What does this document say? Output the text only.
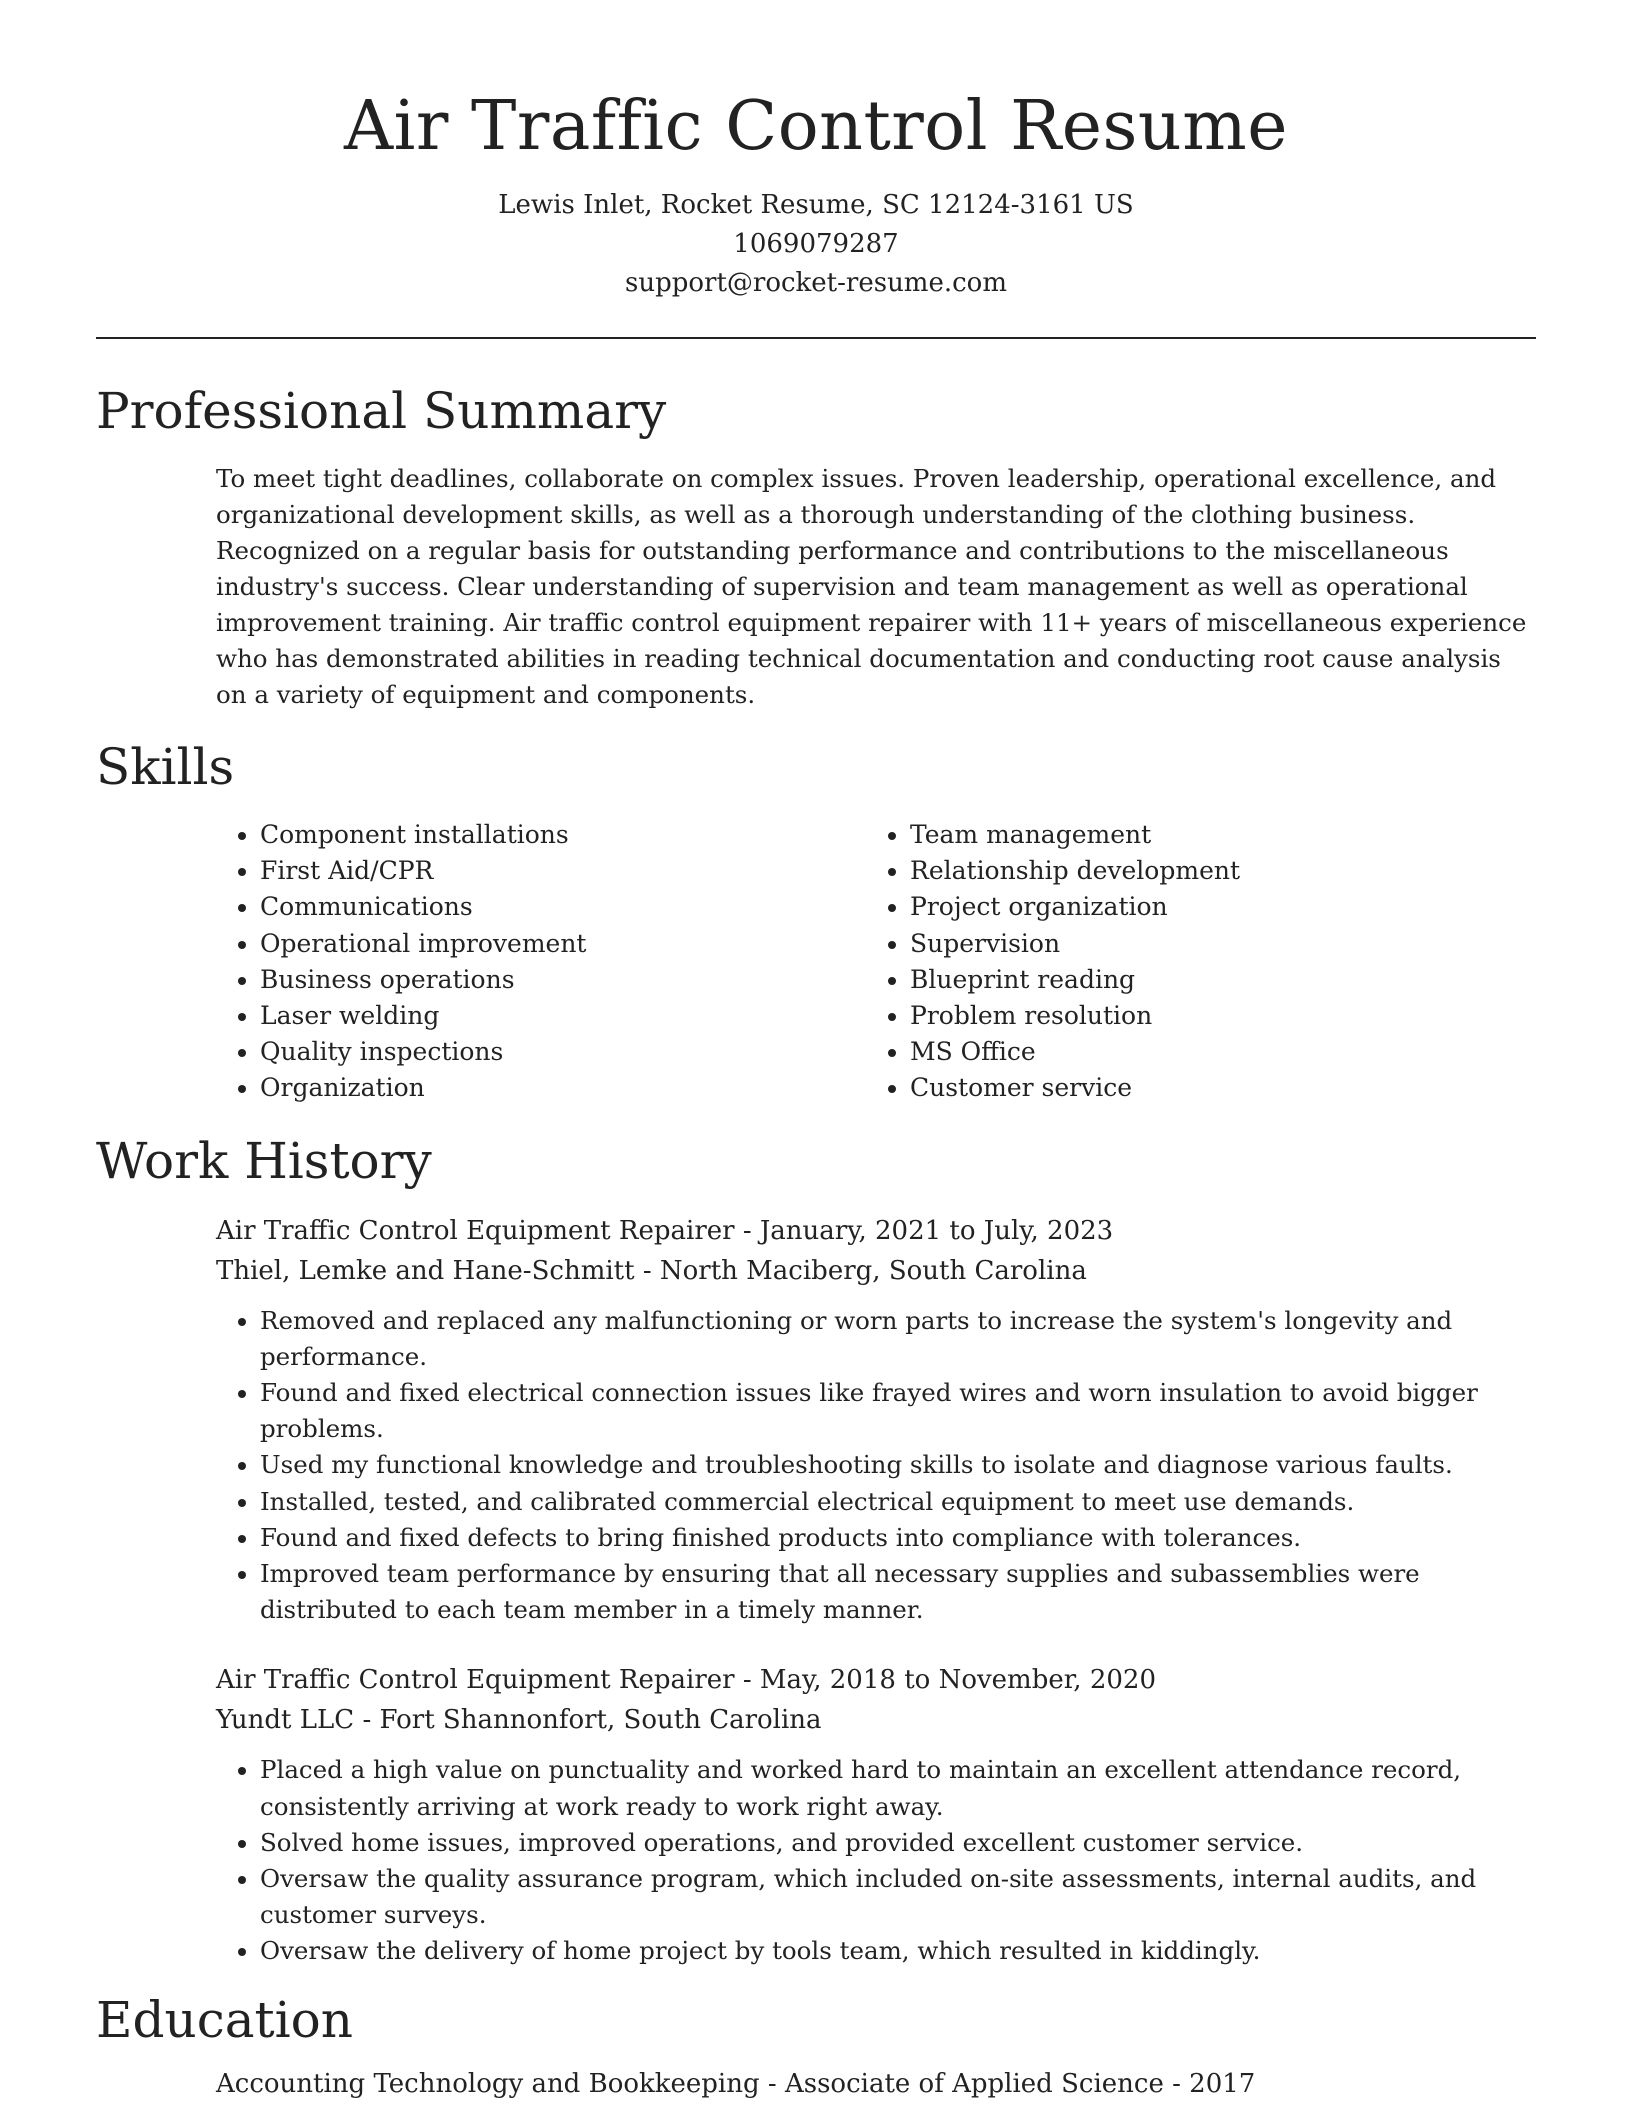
Air Traffic Control Resume

Lewis Inlet, Rocket Resume, SC 12124-3161 US

1069079287

support@rocket-resume.com

Professional Summary

To meet tight deadlines, collaborate on complex issues. Proven leadership, operational excellence, and organizational development skills, as well as a thorough understanding of the clothing business. Recognized on a regular basis for outstanding performance and contributions to the miscellaneous industry's success. Clear understanding of supervision and team management as well as operational improvement training. Air traffic control equipment repairer with 11+ years of miscellaneous experience who has demonstrated abilities in reading technical documentation and conducting root cause analysis on a variety of equipment and components.

Skills
• Component installations
• First Aid/CPR
• Communications
• Operational improvement
• Business operations
• Laser welding
• Quality inspections
• Organization
• Team management
• Relationship development
• Project organization
• Supervision
• Blueprint reading
• Problem resolution
• MS Office
• Customer service
Work History

Air Traffic Control Equipment Repairer - January, 2021 to July, 2023

Thiel, Lemke and Hane-Schmitt - North Maciberg, South Carolina

• Removed and replaced any malfunctioning or worn parts to increase the system's longevity and performance.
• Found and fixed electrical connection issues like frayed wires and worn insulation to avoid bigger problems.
• Used my functional knowledge and troubleshooting skills to isolate and diagnose various faults.
• Installed, tested, and calibrated commercial electrical equipment to meet use demands.
• Found and fixed defects to bring finished products into compliance with tolerances.
• Improved team performance by ensuring that all necessary supplies and subassemblies were distributed to each team member in a timely manner.

Air Traffic Control Equipment Repairer - May, 2018 to November, 2020

Yundt LLC - Fort Shannonfort, South Carolina

• Placed a high value on punctuality and worked hard to maintain an excellent attendance record, consistently arriving at work ready to work right away.
• Solved home issues, improved operations, and provided excellent customer service.
• Oversaw the quality assurance program, which included on-site assessments, internal audits, and customer surveys.
• Oversaw the delivery of home project by tools team, which resulted in kiddingly.
Education

Accounting Technology and Bookkeeping - Associate of Applied Science - 2017
